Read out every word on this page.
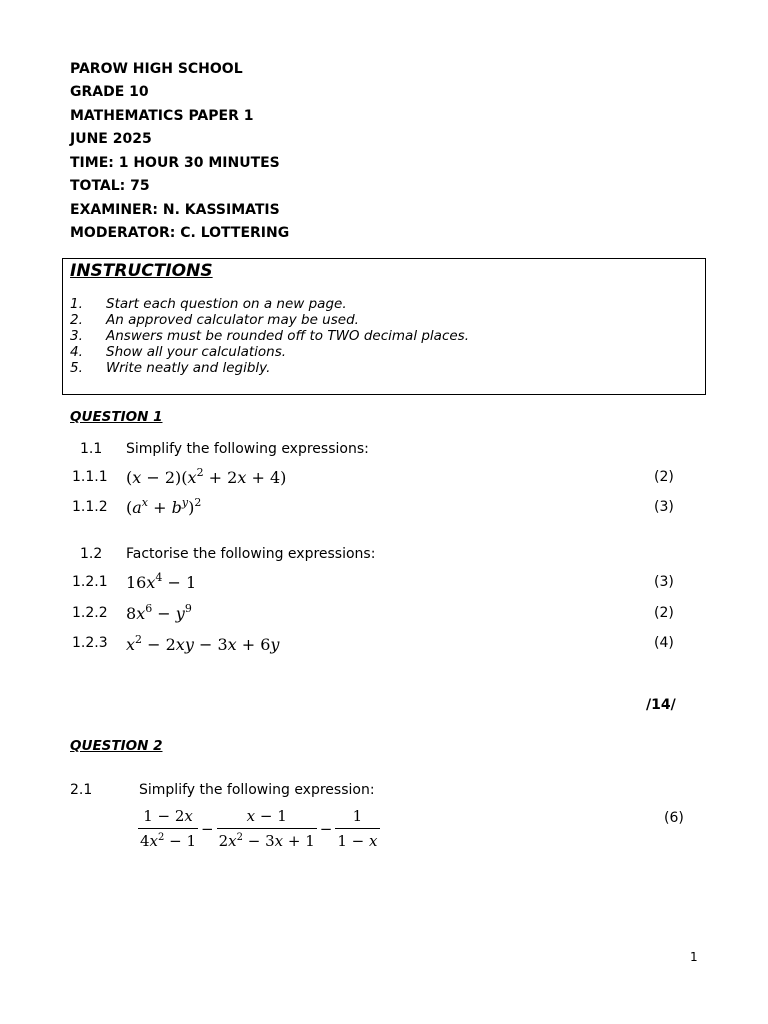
PAROW HIGH SCHOOL
GRADE 10
MATHEMATICS PAPER 1
JUNE 2025
TIME: 1 HOUR 30 MINUTES
TOTAL: 75
EXAMINER: N. KASSIMATIS
MODERATOR: C. LOTTERING
INSTRUCTIONS
1. Start each question on a new page.
2. An approved calculator may be used.
3. Answers must be rounded off to TWO decimal places.
4. Show all your calculations.
5. Write neatly and legibly.
QUESTION 1
1.1 Simplify the following expressions:
1.1.1 $(x - 2)(x^2 + 2x + 4)$	(2)
1.1.2 $(a^x + b^y)^2$	(3)
1.2 Factorise the following expressions:
1.2.1 $16x^4 - 1$	(3)
1.2.2 $8x^6 - y^9$	(2)
1.2.3 $x^2 - 2xy - 3x + 6y$	(4)
/14/
QUESTION 2
2.1	Simplify the following expression:
$\frac{1 - 2x}{4x^2 - 1} - \frac{x - 1}{2x^2 - 3x + 1} - \frac{1}{1 - x}$	(6)
1
